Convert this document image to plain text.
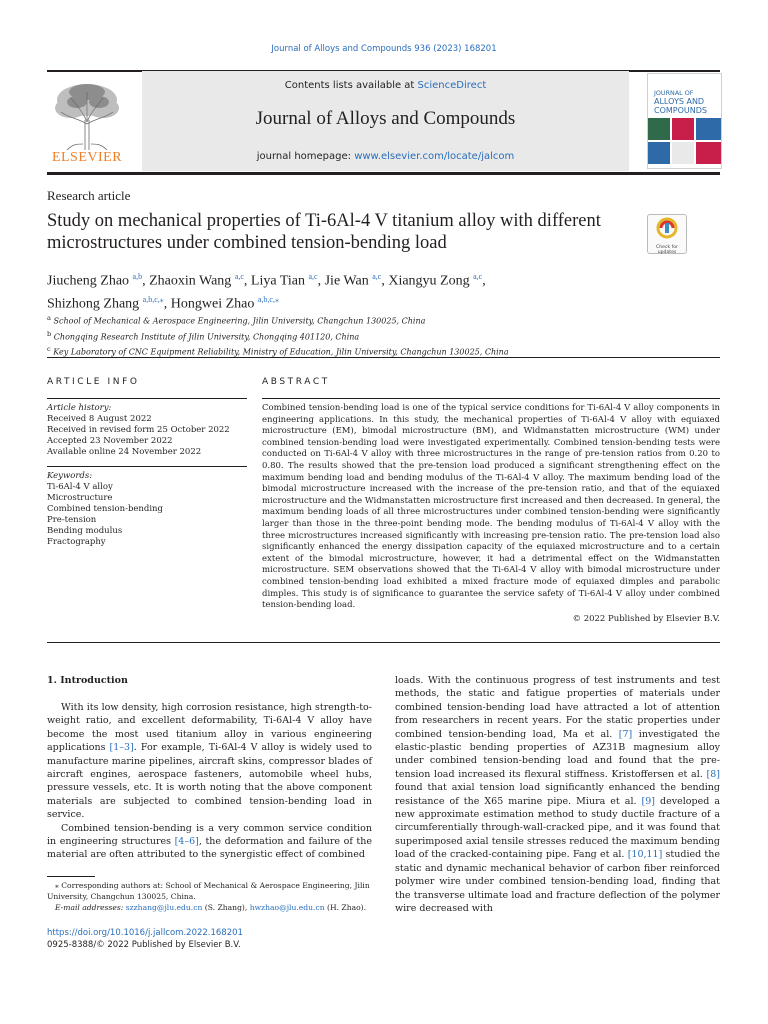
Journal of Alloys and Compounds 936 (2023) 168201
ELSEVIER
Contents lists available at ScienceDirect
Journal of Alloys and Compounds
journal homepage: www.elsevier.com/locate/jalcom
JOURNAL OF
ALLOYS AND
COMPOUNDS
Research article
Study on mechanical properties of Ti-6Al-4 V titanium alloy with different microstructures under combined tension-bending load	Check for updates
Jiucheng Zhao $^{a,b}$, Zhaoxin Wang $^{a,c}$, Liya Tian $^{a,c}$, Jie Wan $^{a,c}$, Xiangyu Zong $^{a,c}$,
Shizhong Zhang $^{a,b,c,⁎}$, Hongwei Zhao $^{a,b,c,⁎}$
$^a$ School of Mechanical & Aerospace Engineering, Jilin University, Changchun 130025, China
$^b$ Chongqing Research Institute of Jilin University, Chongqing 401120, China
$^c$ Key Laboratory of CNC Equipment Reliability, Ministry of Education, Jilin University, Changchun 130025, China
ARTICLE INFO	ABSTRACT
Article history:
Received 8 August 2022
Received in revised form 25 October 2022
Accepted 23 November 2022
Available online 24 November 2022
Keywords:
Ti-6Al-4 V alloy
Microstructure
Combined tension-bending
Pre-tension
Bending modulus
Fractography
Combined tension-bending load is one of the typical service conditions for Ti-6Al-4 V alloy components in engineering applications. In this study, the mechanical properties of Ti-6Al-4 V alloy with equiaxed microstructure (EM), bimodal microstructure (BM), and Widmanstatten microstructure (WM) under combined tension-bending load were investigated experimentally. Combined tension-bending tests were conducted on Ti-6Al-4 V alloy with three microstructures in the range of pre-tension ratios from 0.20 to 0.80. The results showed that the pre-tension load produced a significant strengthening effect on the maximum bending load and bending modulus of the Ti-6Al-4 V alloy. The maximum bending load of the bimodal microstructure increased with the increase of the pre-tension ratio, and that of the equiaxed microstructure and the Widmanstatten microstructure first increased and then decreased. In general, the maximum bending loads of all three microstructures under combined tension-bending were significantly larger than those in the three-point bending mode. The bending modulus of Ti-6Al-4 V alloy with the three microstructures increased significantly with increasing pre-tension ratio. The pre-tension load also significantly enhanced the energy dissipation capacity of the equiaxed microstructure and to a certain extent of the bimodal microstructure, however, it had a detrimental effect on the Widmanstatten microstructure. SEM observations showed that the Ti-6Al-4 V alloy with bimodal microstructure under combined tension-bending load exhibited a mixed fracture mode of equiaxed dimples and parabolic dimples. This study is of significance to guarantee the service safety of Ti-6Al-4 V alloy under combined tension-bending load.
© 2022 Published by Elsevier B.V.
1. Introduction

With its low density, high corrosion resistance, high strength-to-weight ratio, and excellent deformability, Ti-6Al-4 V alloy have become the most used titanium alloy in various engineering applications [1–3]. For example, Ti-6Al-4 V alloy is widely used to manufacture marine pipelines, aircraft skins, compressor blades of aircraft engines, aerospace fasteners, automobile wheel hubs, pressure vessels, etc. It is worth noting that the above component materials are subjected to combined tension-bending load in service.

Combined tension-bending is a very common service condition in engineering structures [4–6], the deformation and failure of the material are often attributed to the synergistic effect of combined

loads. With the continuous progress of test instruments and test methods, the static and fatigue properties of materials under combined tension-bending load have attracted a lot of attention from researchers in recent years. For the static properties under combined tension-bending load, Ma et al. [7] investigated the elastic-plastic bending properties of AZ31B magnesium alloy under combined tension-bending load and found that the pre-tension load increased its flexural stiffness. Kristoffersen et al. [8] found that axial tension load significantly enhanced the bending resistance of the X65 marine pipe. Miura et al. [9] developed a new approximate estimation method to study ductile fracture of a circumferentially through-wall-cracked pipe, and it was found that superimposed axial tensile stresses reduced the maximum bending load of the cracked-containing pipe. Fang et al. [10,11] studied the static and dynamic mechanical behavior of carbon fiber reinforced polymer wire under combined tension-bending load, finding that the transverse ultimate load and fracture deflection of the polymer wire decreased with

⁎ Corresponding authors at: School of Mechanical & Aerospace Engineering, Jilin University, Changchun 130025, China.
E-mail addresses: szzhang@jlu.edu.cn (S. Zhang), hwzhao@jlu.edu.cn (H. Zhao).
https://doi.org/10.1016/j.jallcom.2022.168201
0925-8388/© 2022 Published by Elsevier B.V.
